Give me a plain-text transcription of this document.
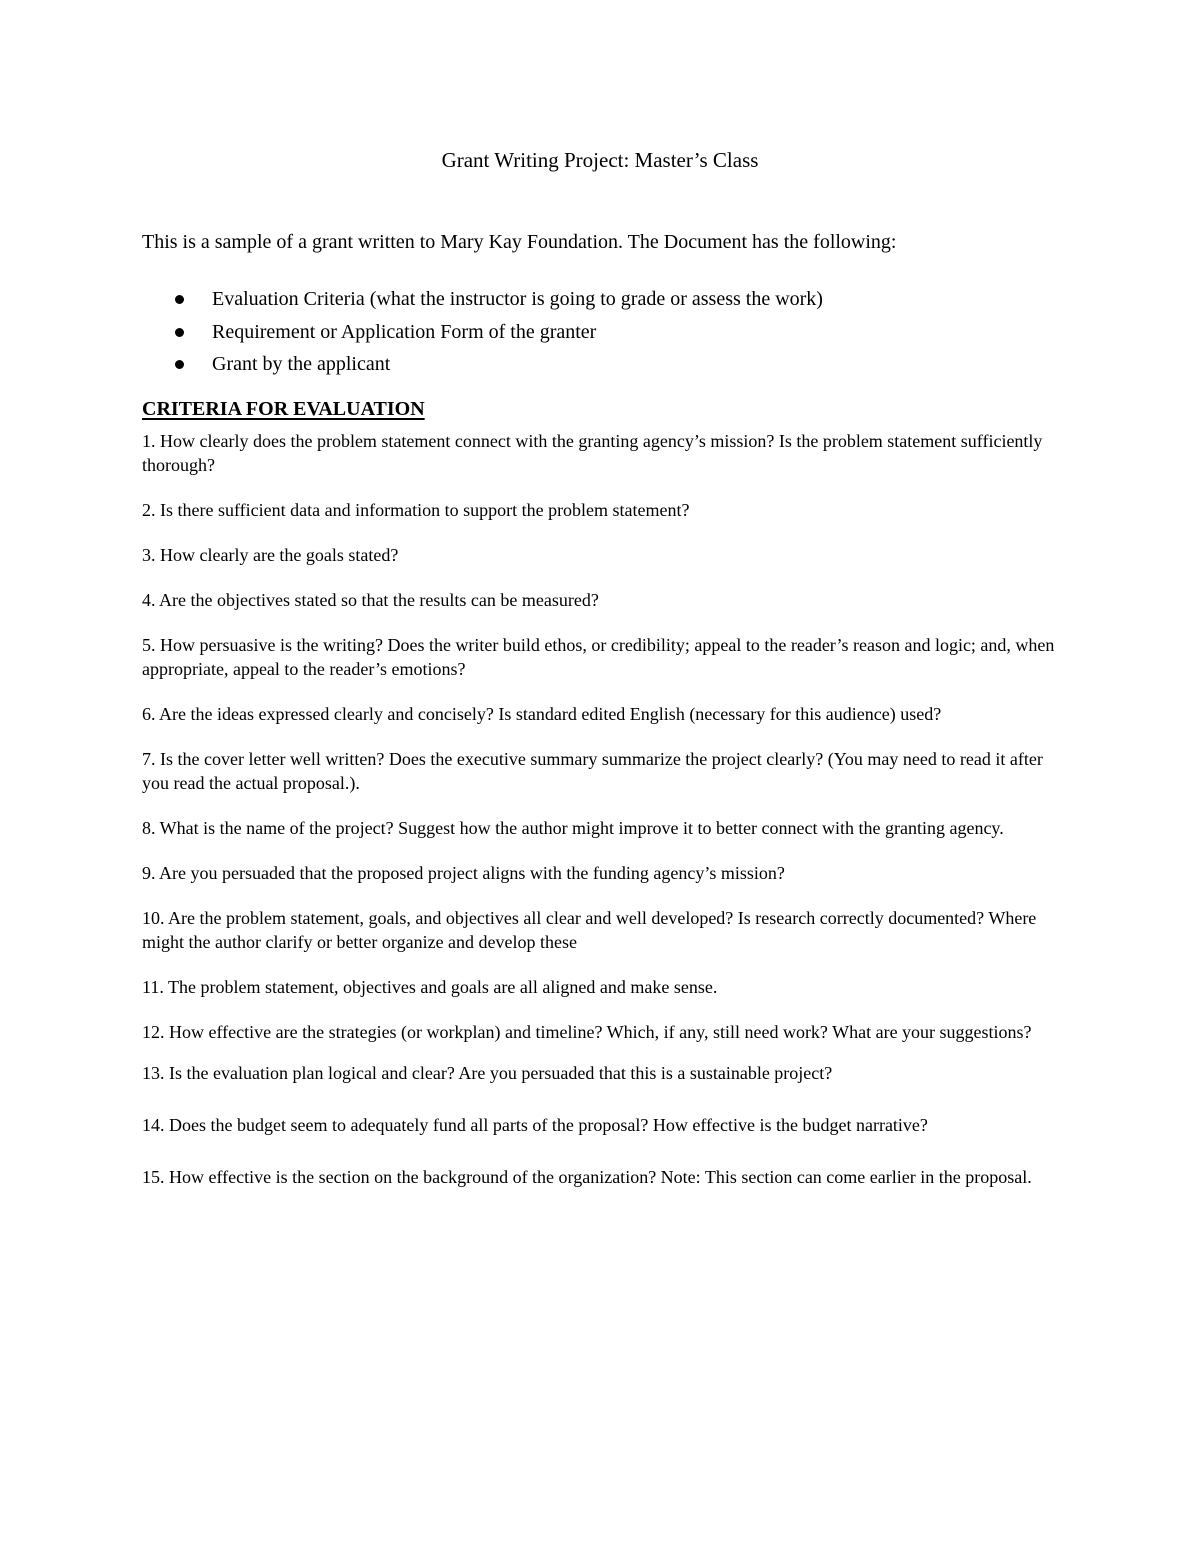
Grant Writing Project: Master’s Class

This is a sample of a grant written to Mary Kay Foundation. The Document has the following:

Evaluation Criteria (what the instructor is going to grade or assess the work)
Requirement or Application Form of the granter
Grant by the applicant
CRITERIA FOR EVALUATION
1. How clearly does the problem statement connect with the granting agency’s mission? Is the problem statement sufficiently thorough?
2. Is there sufficient data and information to support the problem statement?
3. How clearly are the goals stated?
4. Are the objectives stated so that the results can be measured?
5. How persuasive is the writing? Does the writer build ethos, or credibility; appeal to the reader’s reason and logic; and, when appropriate, appeal to the reader’s emotions?
6. Are the ideas expressed clearly and concisely? Is standard edited English (necessary for this audience) used?
7. Is the cover letter well written? Does the executive summary summarize the project clearly? (You may need to read it after you read the actual proposal.).
8. What is the name of the project? Suggest how the author might improve it to better connect with the granting agency.
9. Are you persuaded that the proposed project aligns with the funding agency’s mission?
10. Are the problem statement, goals, and objectives all clear and well developed? Is research correctly documented? Where might the author clarify or better organize and develop these
11. The problem statement, objectives and goals are all aligned and make sense.
12. How effective are the strategies (or workplan) and timeline? Which, if any, still need work? What are your suggestions?
13. Is the evaluation plan logical and clear? Are you persuaded that this is a sustainable project?
14. Does the budget seem to adequately fund all parts of the proposal? How effective is the budget narrative?
15. How effective is the section on the background of the organization? Note: This section can come earlier in the proposal.
